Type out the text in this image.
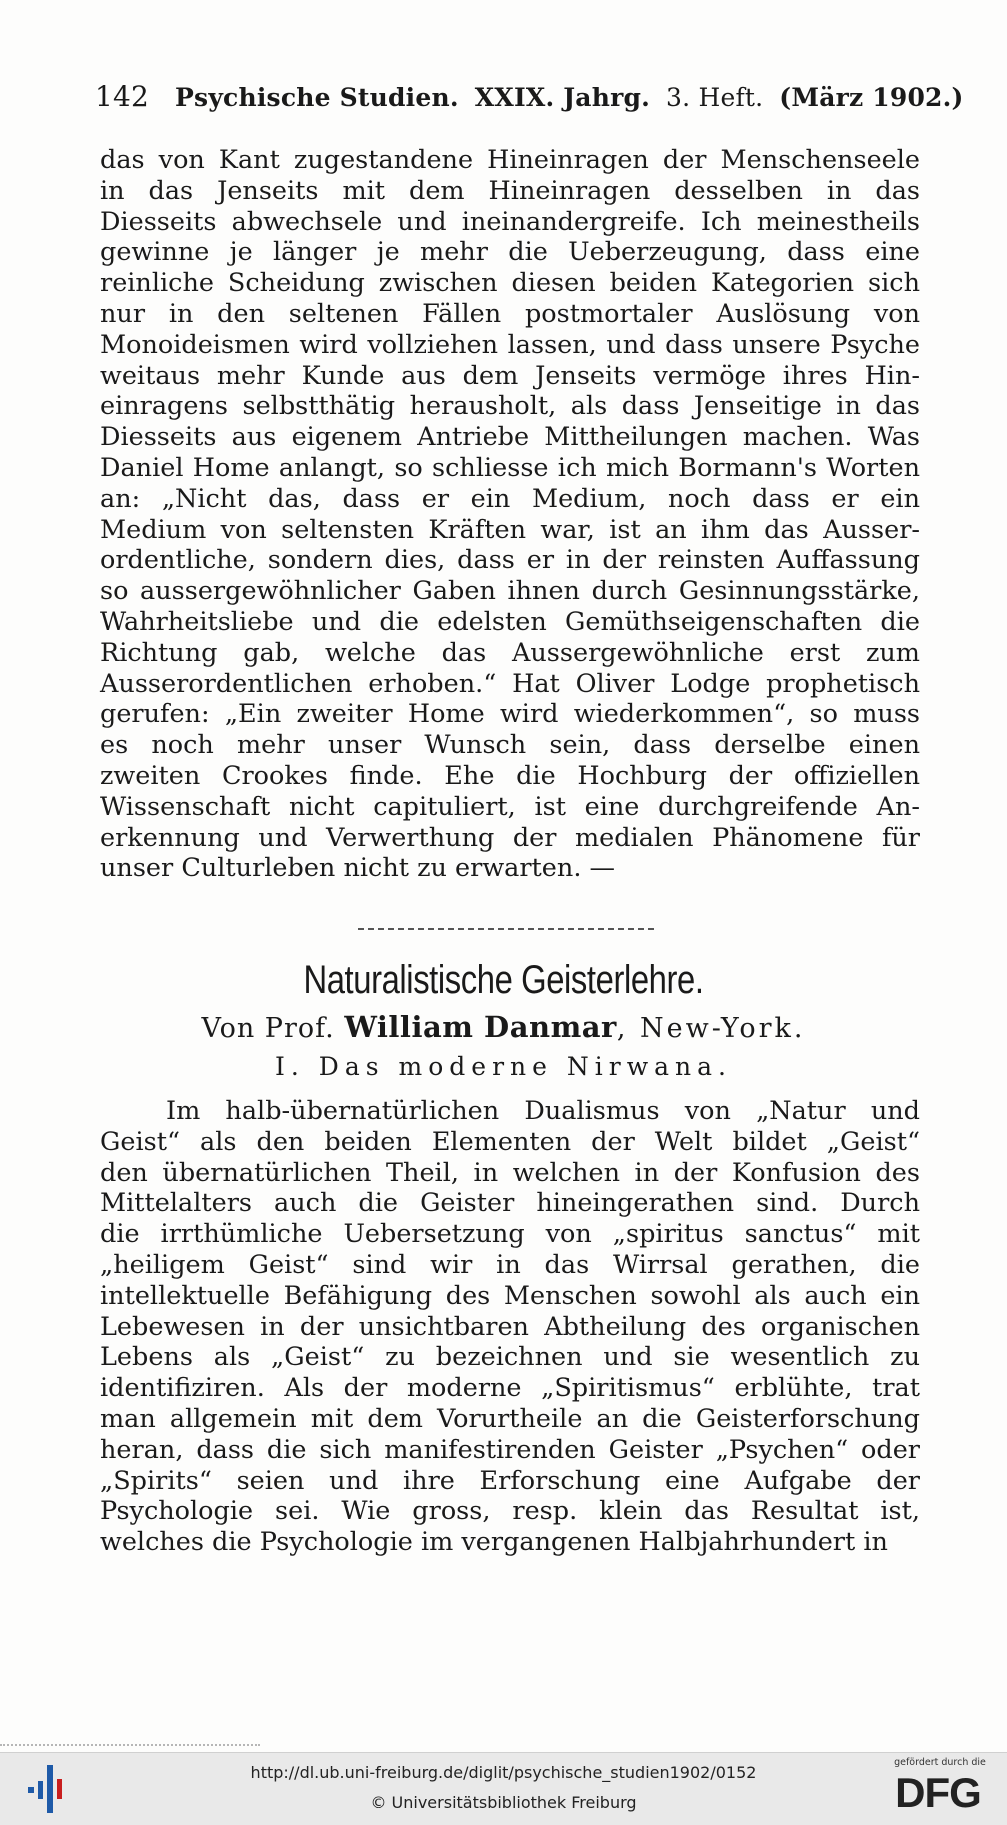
142 Psychische Studien. XXIX. Jahrg. 3. Heft. (März 1902.)
das von Kant zugestandene Hineinragen der Menschenseele
in das Jenseits mit dem Hineinragen desselben in das
Diesseits abwechsele und ineinandergreife. Ich meinestheils
gewinne je länger je mehr die Ueberzeugung, dass eine
reinliche Scheidung zwischen diesen beiden Kategorien sich
nur in den seltenen Fällen postmortaler Auslösung von
Monoideismen wird vollziehen lassen, und dass unsere Psyche
weitaus mehr Kunde aus dem Jenseits vermöge ihres Hin-
einragens selbstthätig herausholt, als dass Jenseitige in das
Diesseits aus eigenem Antriebe Mittheilungen machen. Was
Daniel Home anlangt, so schliesse ich mich Bormann's Worten
an: „Nicht das, dass er ein Medium, noch dass er ein
Medium von seltensten Kräften war, ist an ihm das Ausser-
ordentliche, sondern dies, dass er in der reinsten Auffassung
so aussergewöhnlicher Gaben ihnen durch Gesinnungsstärke,
Wahrheitsliebe und die edelsten Gemüthseigenschaften die
Richtung gab, welche das Aussergewöhnliche erst zum
Ausserordentlichen erhoben.“ Hat Oliver Lodge prophetisch
gerufen: „Ein zweiter Home wird wiederkommen“, so muss
es noch mehr unser Wunsch sein, dass derselbe einen
zweiten Crookes finde. Ehe die Hochburg der offiziellen
Wissenschaft nicht capituliert, ist eine durchgreifende An-
erkennung und Verwerthung der medialen Phänomene für
unser Culturleben nicht zu erwarten. —
Naturalistische Geisterlehre.
Von Prof. William Danmar, New-York.
I. Das moderne Nirwana.
Im halb-übernatürlichen Dualismus von „Natur und
Geist“ als den beiden Elementen der Welt bildet „Geist“
den übernatürlichen Theil, in welchen in der Konfusion des
Mittelalters auch die Geister hineingerathen sind. Durch
die irrthümliche Uebersetzung von „spiritus sanctus“ mit
„heiligem Geist“ sind wir in das Wirrsal gerathen, die
intellektuelle Befähigung des Menschen sowohl als auch ein
Lebewesen in der unsichtbaren Abtheilung des organischen
Lebens als „Geist“ zu bezeichnen und sie wesentlich zu
identifiziren. Als der moderne „Spiritismus“ erblühte, trat
man allgemein mit dem Vorurtheile an die Geisterforschung
heran, dass die sich manifestirenden Geister „Psychen“ oder
„Spirits“ seien und ihre Erforschung eine Aufgabe der
Psychologie sei. Wie gross, resp. klein das Resultat ist,
welches die Psychologie im vergangenen Halbjahrhundert in
http://dl.ub.uni-freiburg.de/diglit/psychische_studien1902/0152
© Universitätsbibliothek Freiburg
gefördert durch die
DFG
